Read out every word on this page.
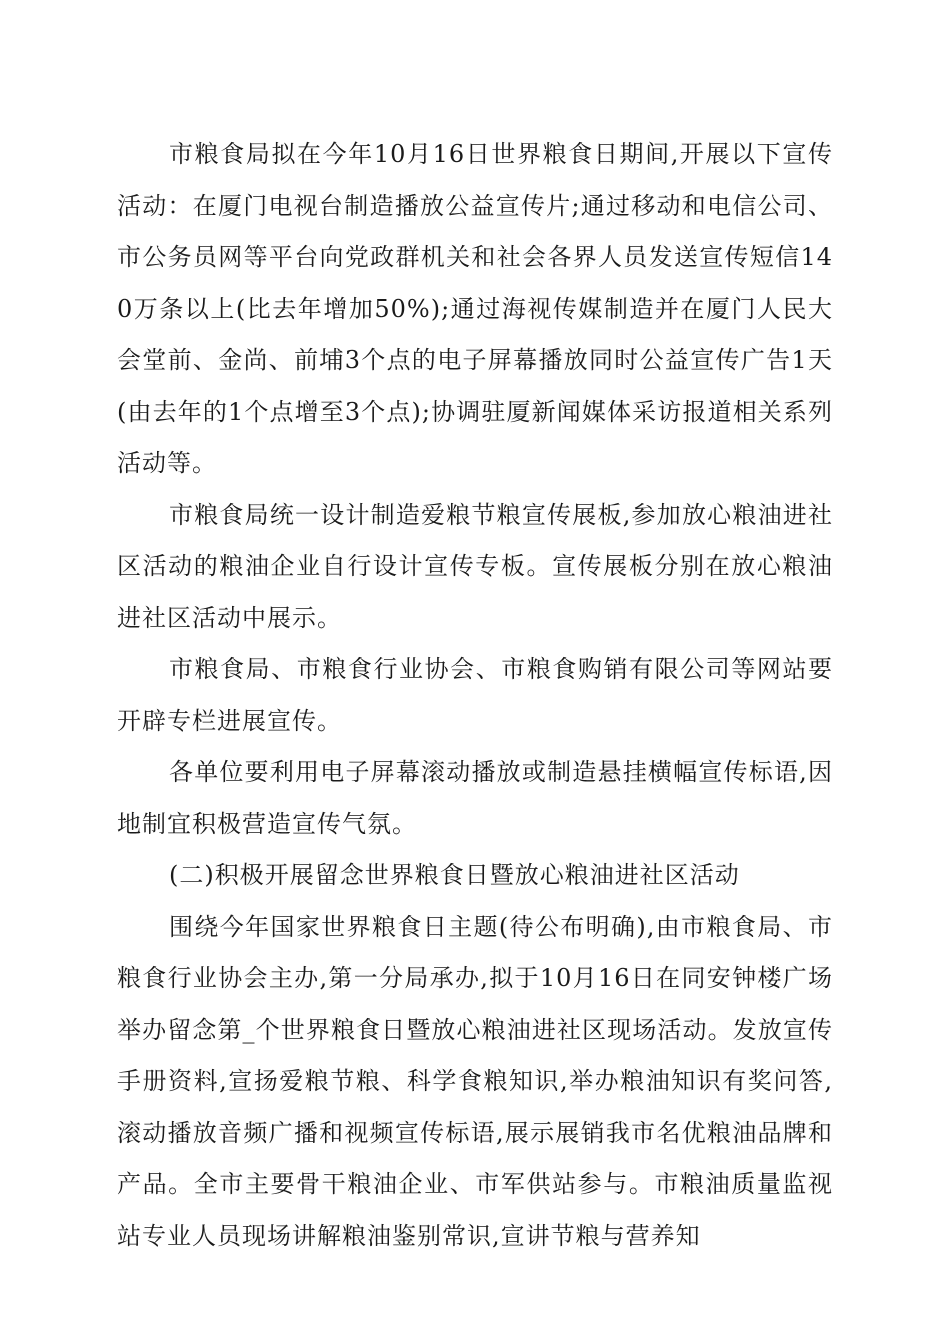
市粮食局拟在今年10月16日世界粮食日期间,开展以下宣传活动：在厦门电视台制造播放公益宣传片;通过移动和电信公司、市公务员网等平台向党政群机关和社会各界人员发送宣传短信140万条以上(比去年增加50%);通过海视传媒制造并在厦门人民大会堂前、金尚、前埔3个点的电子屏幕播放同时公益宣传广告1天(由去年的1个点增至3个点);协调驻厦新闻媒体采访报道相关系列活动等。

市粮食局统一设计制造爱粮节粮宣传展板,参加放心粮油进社区活动的粮油企业自行设计宣传专板。宣传展板分别在放心粮油进社区活动中展示。

市粮食局、市粮食行业协会、市粮食购销有限公司等网站要开辟专栏进展宣传。

各单位要利用电子屏幕滚动播放或制造悬挂横幅宣传标语,因地制宜积极营造宣传气氛。

(二)积极开展留念世界粮食日暨放心粮油进社区活动

围绕今年国家世界粮食日主题(待公布明确),由市粮食局、市粮食行业协会主办,第一分局承办,拟于10月16日在同安钟楼广场举办留念第_个世界粮食日暨放心粮油进社区现场活动。发放宣传手册资料,宣扬爱粮节粮、科学食粮知识,举办粮油知识有奖问答,滚动播放音频广播和视频宣传标语,展示展销我市名优粮油品牌和产品。全市主要骨干粮油企业、市军供站参与。市粮油质量监视站专业人员现场讲解粮油鉴别常识,宣讲节粮与营养知
